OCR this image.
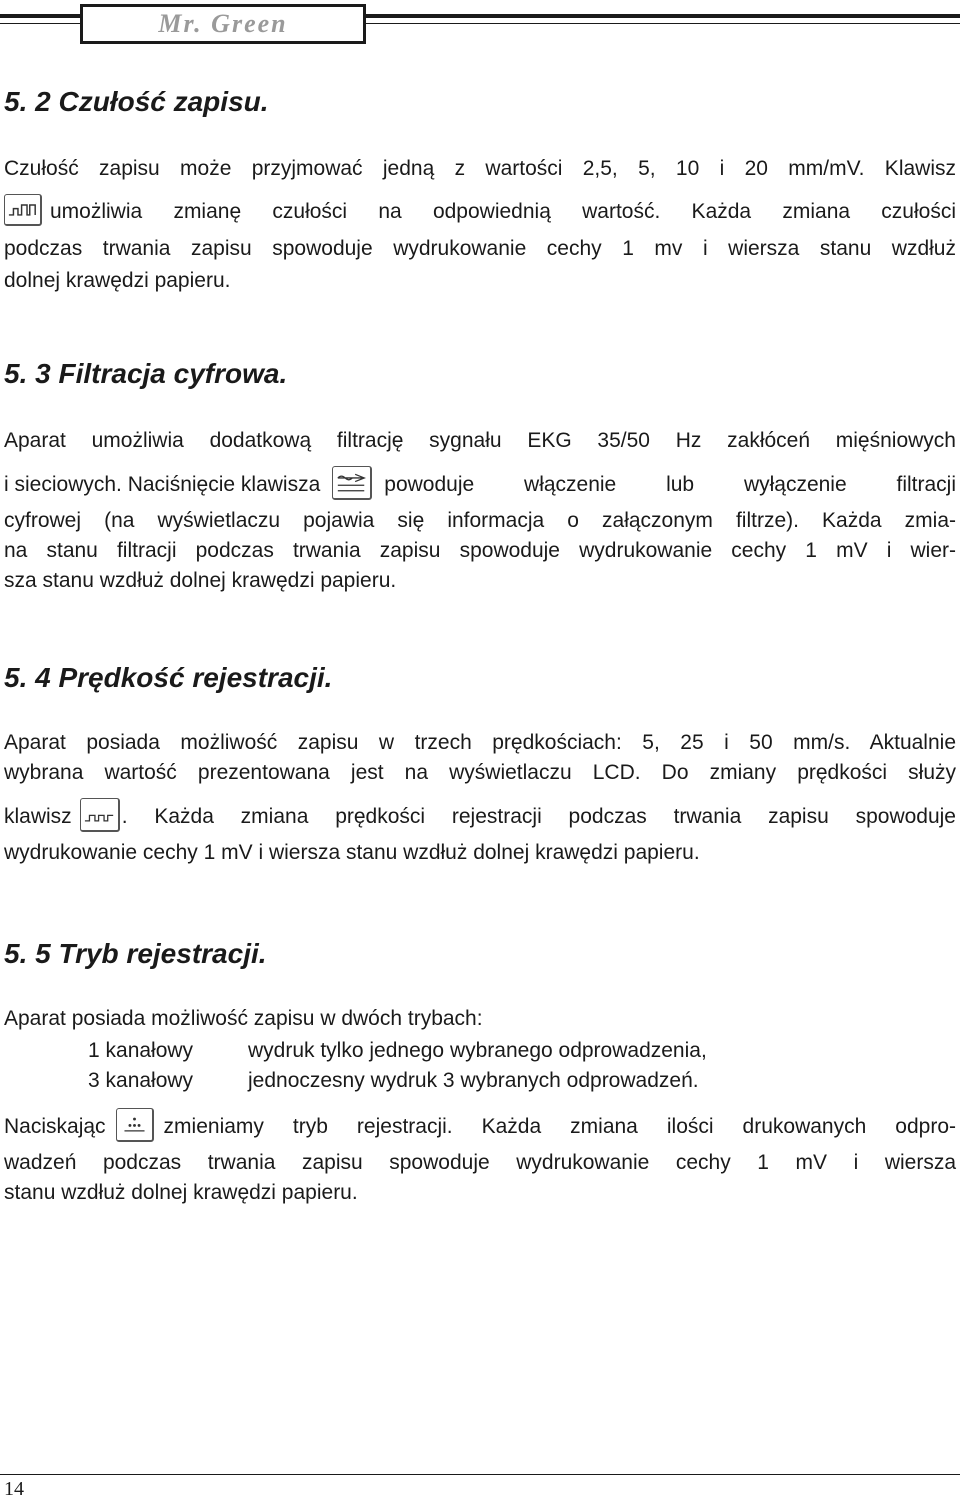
Mr. Green
5. 2 Czułość zapisu.
Czułość zapisu może przyjmować jedną z wartości 2,5, 5, 10 i 20 mm/mV. Klawisz
umożliwia zmianę czułości na odpowiednią wartość. Każda zmiana czułości
podczas trwania zapisu spowoduje wydrukowanie cechy 1 mv i wiersza stanu wzdłuż
dolnej krawędzi papieru.
5. 3 Filtracja cyfrowa.
Aparat umożliwia dodatkową filtrację sygnału EKG 35/50 Hz zakłóceń mięśniowych
i sieciowych. Naciśnięcie klawisza	powoduje włączenie lub wyłączenie filtracji
cyfrowej (na wyświetlaczu pojawia się informacja o załączonym filtrze). Każda zmia-
na stanu filtracji podczas trwania zapisu spowoduje wydrukowanie cechy 1 mV i wier-
sza stanu wzdłuż dolnej krawędzi papieru.
5. 4 Prędkość rejestracji.
Aparat posiada możliwość zapisu w trzech prędkościach: 5, 25 i 50 mm/s. Aktualnie
wybrana wartość prezentowana jest na wyświetlaczu LCD. Do zmiany prędkości służy
klawisz . Każda zmiana prędkości rejestracji podczas trwania zapisu spowoduje
wydrukowanie cechy 1 mV i wiersza stanu wzdłuż dolnej krawędzi papieru.
5. 5 Tryb rejestracji.
Aparat posiada możliwość zapisu w dwóch trybach:
1 kanałowy	wydruk tylko jednego wybranego odprowadzenia,
3 kanałowy	jednoczesny wydruk 3 wybranych odprowadzeń.
Naciskając	zmieniamy tryb rejestracji. Każda zmiana ilości drukowanych odpro-
wadzeń podczas trwania zapisu spowoduje wydrukowanie cechy 1 mV i wiersza
stanu wzdłuż dolnej krawędzi papieru.
14
